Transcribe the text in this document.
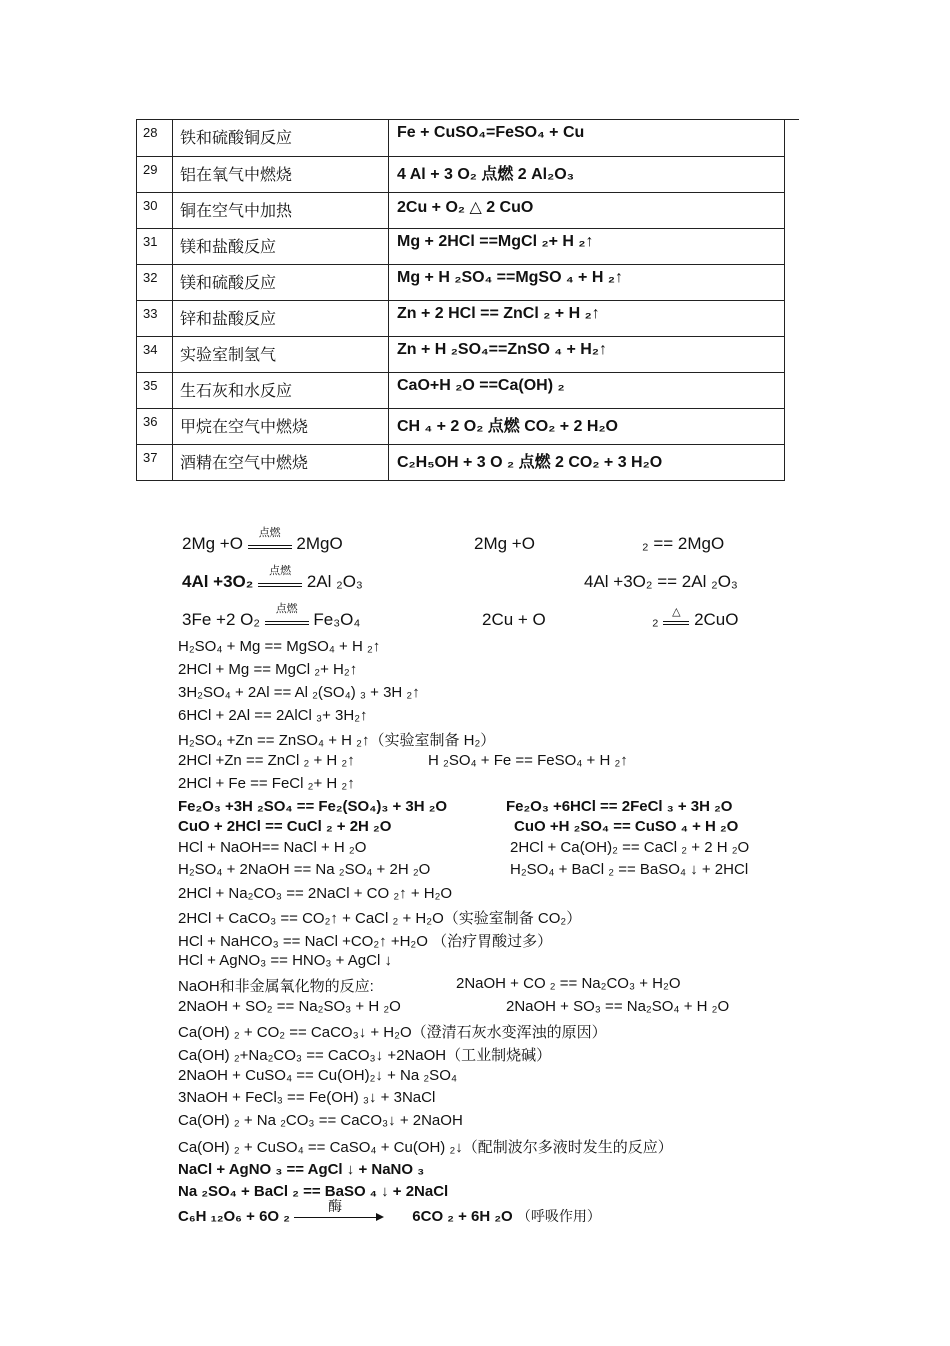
28	铁和硫酸铜反应	Fe + CuSO₄=FeSO₄ + Cu	
29	铝在氧气中燃烧	4 Al + 3 O₂ 点燃 2 Al₂O₃	
30	铜在空气中加热	2Cu + O₂ △ 2 CuO	
31	镁和盐酸反应	Mg + 2HCl ==MgCl ₂+ H ₂↑	
32	镁和硫酸反应	Mg + H ₂SO₄ ==MgSO ₄ + H ₂↑	
33	锌和盐酸反应	Zn + 2 HCl == ZnCl ₂ + H ₂↑	
34	实验室制氢气	Zn + H ₂SO₄==ZnSO ₄ + H₂↑	
35	生石灰和水反应	CaO+H ₂O ==Ca(OH) ₂	
36	甲烷在空气中燃烧	CH ₄ + 2 O₂ 点燃 CO₂ + 2 H₂O	
37	酒精在空气中燃烧	C₂H₅OH + 3 O ₂ 点燃 2 CO₂ + 3 H₂O	
2Mg +O
点燃
2MgO	2Mg +O	₂ == 2MgO
4Al +3O₂
点燃
2Al ₂O₃	4Al +3O₂ == 2Al ₂O₃
3Fe +2 O₂
点燃
Fe₃O₄	2Cu + O	₂	△ 2CuO
H₂SO₄ + Mg == MgSO₄ + H ₂↑
2HCl + Mg == MgCl ₂+ H₂↑
3H₂SO₄ + 2Al == Al ₂(SO₄) ₃ + 3H ₂↑
6HCl + 2Al == 2AlCl ₃+ 3H₂↑
H₂SO₄ +Zn == ZnSO₄ + H ₂↑（实验室制备 H₂）
2HCl +Zn == ZnCl ₂ + H ₂↑	H ₂SO₄ + Fe == FeSO₄ + H ₂↑
2HCl + Fe == FeCl ₂+ H ₂↑
Fe₂O₃ +3H ₂SO₄ == Fe₂(SO₄)₃ + 3H ₂O	Fe₂O₃ +6HCl == 2FeCl ₃ + 3H ₂O
CuO + 2HCl == CuCl ₂ + 2H ₂O	CuO +H ₂SO₄ == CuSO ₄ + H ₂O
HCl + NaOH== NaCl + H ₂O	2HCl + Ca(OH)₂ == CaCl ₂ + 2 H ₂O
H₂SO₄ + 2NaOH == Na ₂SO₄ + 2H ₂O	H₂SO₄ + BaCl ₂ == BaSO₄ ↓ + 2HCl
2HCl + Na₂CO₃ == 2NaCl + CO ₂↑ + H₂O
2HCl + CaCO₃ == CO₂↑ + CaCl ₂ + H₂O（实验室制备 CO₂）
HCl + NaHCO₃ == NaCl +CO₂↑ +H₂O （治疗胃酸过多）
HCl + AgNO₃ == HNO₃ + AgCl ↓
NaOH和非金属氧化物的反应:	2NaOH + CO ₂ == Na₂CO₃ + H₂O
2NaOH + SO₂ == Na₂SO₃ + H ₂O	2NaOH + SO₃ == Na₂SO₄ + H ₂O
Ca(OH) ₂ + CO₂ == CaCO₃↓ + H₂O（澄清石灰水变浑浊的原因）
Ca(OH) ₂+Na₂CO₃ == CaCO₃↓ +2NaOH（工业制烧碱）
2NaOH + CuSO₄ == Cu(OH)₂↓ + Na ₂SO₄
3NaOH + FeCl₃ == Fe(OH) ₃↓ + 3NaCl
Ca(OH) ₂ + Na ₂CO₃ == CaCO₃↓ + 2NaOH
Ca(OH) ₂ + CuSO₄ == CaSO₄ + Cu(OH) ₂↓（配制波尔多液时发生的反应）
NaCl + AgNO ₃ == AgCl ↓ + NaNO ₃
Na ₂SO₄ + BaCl ₂ == BaSO ₄ ↓ + 2NaCl
C₆H ₁₂O₆ + 6O ₂
酶
6CO ₂ + 6H ₂O （呼吸作用）
